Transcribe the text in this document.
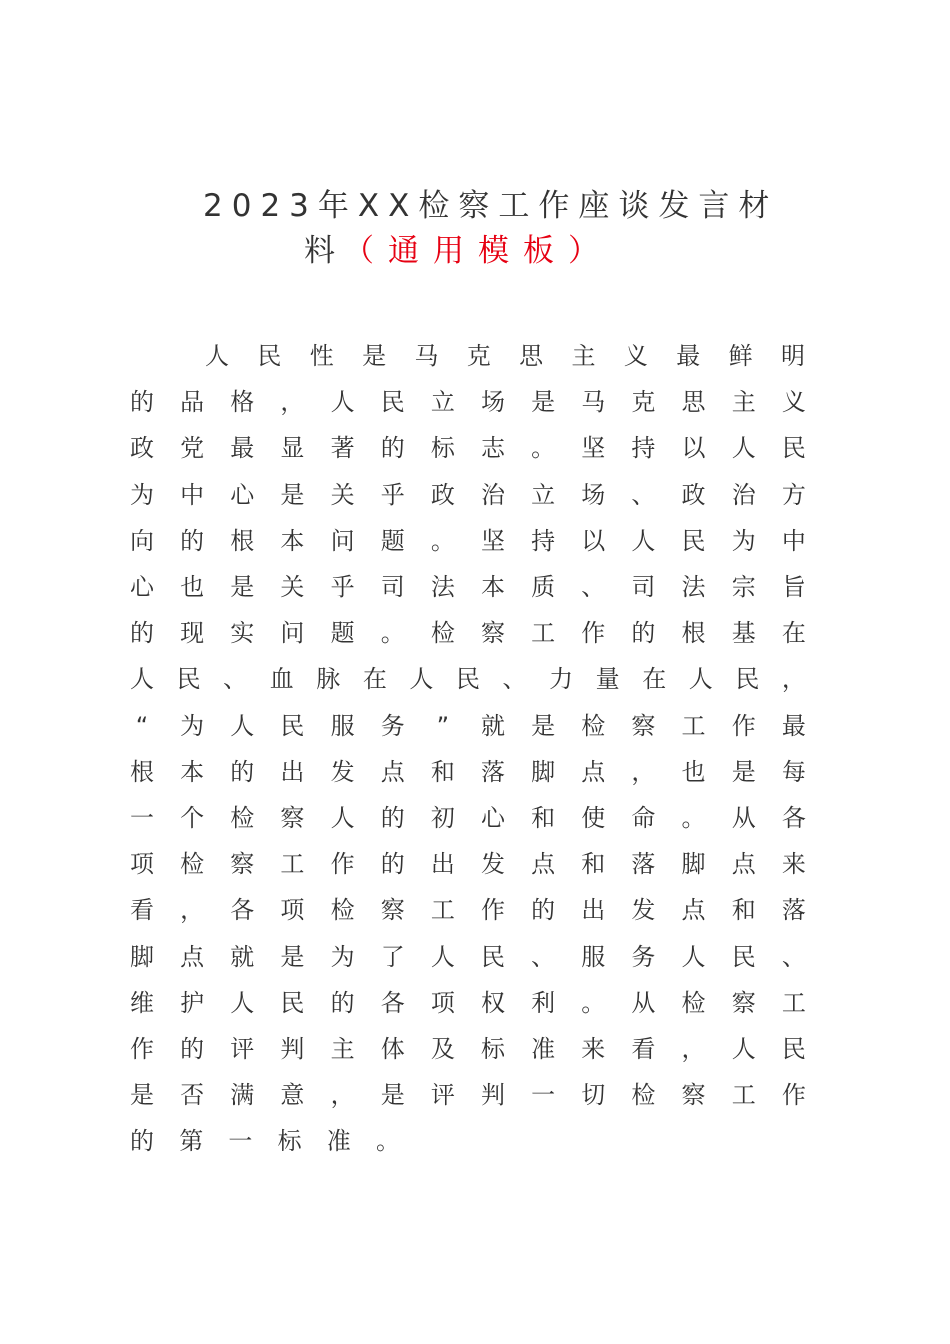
2023年XX检察工作座谈发言材
料（通用模板）
人 民 性 是 马 克 思 主 义 最 鲜 明
的 品 格 ， 人 民 立 场 是 马 克 思 主 义
政 党 最 显 著 的 标 志 。 坚 持 以 人 民
为 中 心 是 关 乎 政 治 立 场 、 政 治 方
向 的 根 本 问 题 。 坚 持 以 人 民 为 中
心 也 是 关 乎 司 法 本 质 、 司 法 宗 旨
的 现 实 问 题 。 检 察 工 作 的 根 基 在
人 民 、 血 脉 在 人 民 、 力 量 在 人 民 ，
“ 为 人 民 服 务 ” 就 是 检 察 工 作 最
根 本 的 出 发 点 和 落 脚 点 ， 也 是 每
一 个 检 察 人 的 初 心 和 使 命 。 从 各
项 检 察 工 作 的 出 发 点 和 落 脚 点 来
看 ， 各 项 检 察 工 作 的 出 发 点 和 落
脚 点 就 是 为 了 人 民 、 服 务 人 民 、
维 护 人 民 的 各 项 权 利 。 从 检 察 工
作 的 评 判 主 体 及 标 准 来 看 ， 人 民
是 否 满 意 ， 是 评 判 一 切 检 察 工 作
的 第 一 标 准 。
